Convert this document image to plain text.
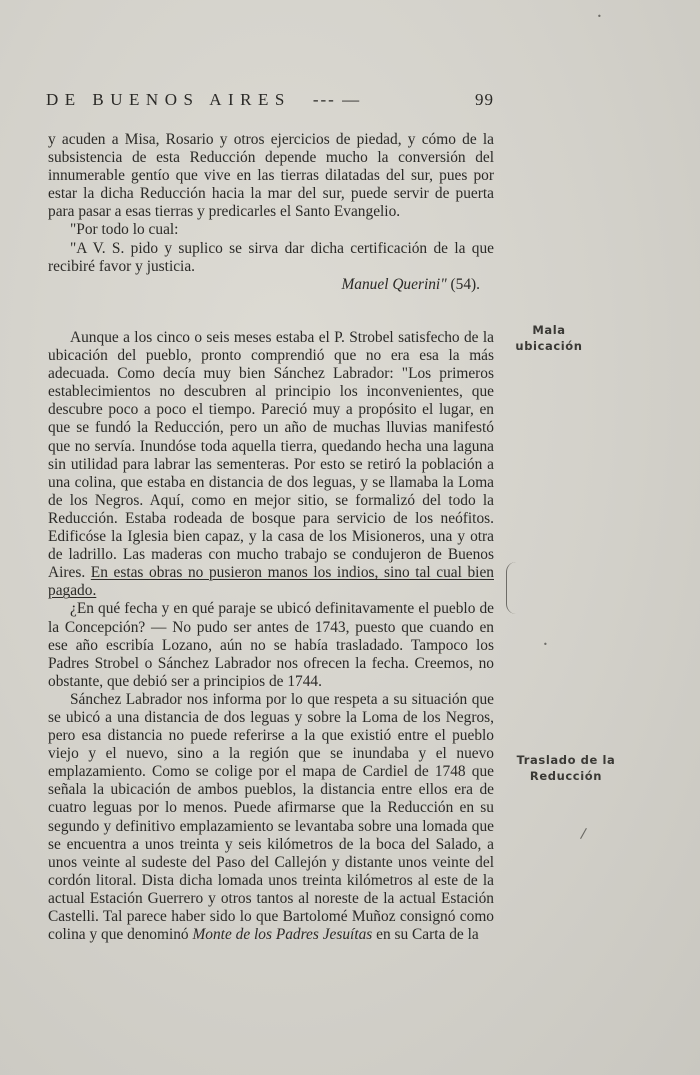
DE BUENOS AIRES --- —	99

y acuden a Misa, Rosario y otros ejercicios de piedad, y cómo de la subsistencia de esta Reducción depende mucho la conversión del innumerable gentío que vive en las tierras dilatadas del sur, pues por estar la dicha Reducción hacia la mar del sur, puede servir de puerta para pasar a esas tierras y predicarles el Santo Evangelio.

"Por todo lo cual:

"A V. S. pido y suplico se sirva dar dicha certificación de la que recibiré favor y justicia.

Manuel Querini" (54).

Aunque a los cinco o seis meses estaba el P. Strobel satisfecho de la ubicación del pueblo, pronto comprendió que no era esa la más adecuada. Como decía muy bien Sánchez Labrador: "Los primeros establecimientos no descubren al principio los inconvenientes, que descubre poco a poco el tiempo. Pareció muy a propósito el lugar, en que se fundó la Reducción, pero un año de muchas lluvias manifestó que no servía. Inundóse toda aquella tierra, quedando hecha una laguna sin utilidad para labrar las sementeras. Por esto se retiró la población a una colina, que estaba en distancia de dos leguas, y se llamaba la Loma de los Negros. Aquí, como en mejor sitio, se formalizó del todo la Reducción. Estaba rodeada de bosque para servicio de los neófitos. Edificóse la Iglesia bien capaz, y la casa de los Misioneros, una y otra de ladrillo. Las maderas con mucho trabajo se condujeron de Buenos Aires. En estas obras no pusieron manos los indios, sino tal cual bien pagado.

¿En qué fecha y en qué paraje se ubicó definitavamente el pueblo de la Concepción? — No pudo ser antes de 1743, puesto que cuando en ese año escribía Lozano, aún no se había trasladado. Tampoco los Padres Strobel o Sánchez Labrador nos ofrecen la fecha. Creemos, no obstante, que debió ser a principios de 1744.

Sánchez Labrador nos informa por lo que respeta a su situación que se ubicó a una distancia de dos leguas y sobre la Loma de los Negros, pero esa distancia no puede referirse a la que existió entre el pueblo viejo y el nuevo, sino a la región que se inundaba y el nuevo emplazamiento. Como se colige por el mapa de Cardiel de 1748 que señala la ubicación de ambos pueblos, la distancia entre ellos era de cuatro leguas por lo menos. Puede afirmarse que la Reducción en su segundo y definitivo emplazamiento se levantaba sobre una lomada que se encuentra a unos treinta y seis kilómetros de la boca del Salado, a unos veinte al sudeste del Paso del Callejón y distante unos veinte del cordón litoral. Dista dicha lomada unos treinta kilómetros al este de la actual Estación Guerrero y otros tantos al noreste de la actual Estación Castelli. Tal parece haber sido lo que Bartolomé Muñoz consignó como colina y que denominó Monte de los Padres Jesuítas en su Carta de la

Mala ubicación
Traslado de la Reducción
/
•
•
